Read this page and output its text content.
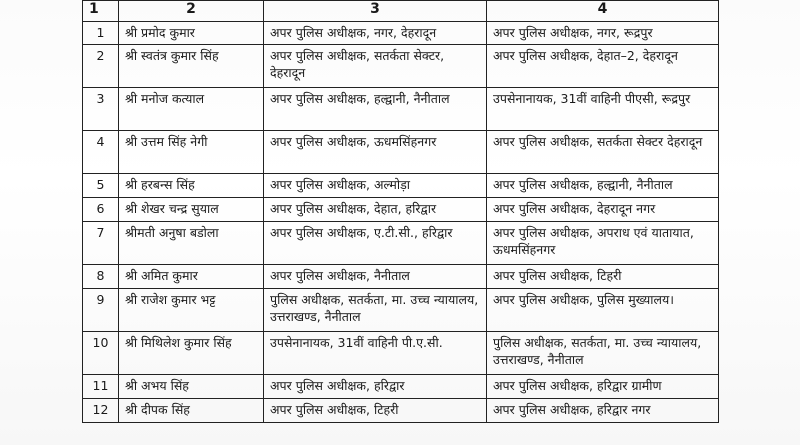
1	2	3	4
1	श्री प्रमोद कुमार	अपर पुलिस अधीक्षक, नगर, देहरादून	अपर पुलिस अधीक्षक, नगर, रूद्रपुर
2	श्री स्वतंत्र कुमार सिंह	अपर पुलिस अधीक्षक, सतर्कता सेक्टर, देहरादून	अपर पुलिस अधीक्षक, देहात–2, देहरादून
3	श्री मनोज कत्याल	अपर पुलिस अधीक्षक, हल्द्वानी, नैनीताल	उपसेनानायक, 31वीं वाहिनी पीएसी, रूद्रपुर
4	श्री उत्तम सिंह नेगी	अपर पुलिस अधीक्षक, ऊधमसिंहनगर	अपर पुलिस अधीक्षक, सतर्कता सेक्टर देहरादून
5	श्री हरबन्स सिंह	अपर पुलिस अधीक्षक, अल्मोड़ा	अपर पुलिस अधीक्षक, हल्द्वानी, नैनीताल
6	श्री शेखर चन्द्र सुयाल	अपर पुलिस अधीक्षक, देहात, हरिद्वार	अपर पुलिस अधीक्षक, देहरादून नगर
7	श्रीमती अनुषा बडोला	अपर पुलिस अधीक्षक, ए.टी.सी., हरिद्वार	अपर पुलिस अधीक्षक, अपराध एवं यातायात, ऊधमसिंहनगर
8	श्री अमित कुमार	अपर पुलिस अधीक्षक, नैनीताल	अपर पुलिस अधीक्षक, टिहरी
9	श्री राजेश कुमार भट्ट	पुलिस अधीक्षक, सतर्कता, मा. उच्च न्यायालय, उत्तराखण्ड, नैनीताल	अपर पुलिस अधीक्षक, पुलिस मुख्यालय।
10	श्री मिथिलेश कुमार सिंह	उपसेनानायक, 31वीं वाहिनी पी.ए.सी.	पुलिस अधीक्षक, सतर्कता, मा. उच्च न्यायालय, उत्तराखण्ड, नैनीताल
11	श्री अभय सिंह	अपर पुलिस अधीक्षक, हरिद्वार	अपर पुलिस अधीक्षक, हरिद्वार ग्रामीण
12	श्री दीपक सिंह	अपर पुलिस अधीक्षक, टिहरी	अपर पुलिस अधीक्षक, हरिद्वार नगर
